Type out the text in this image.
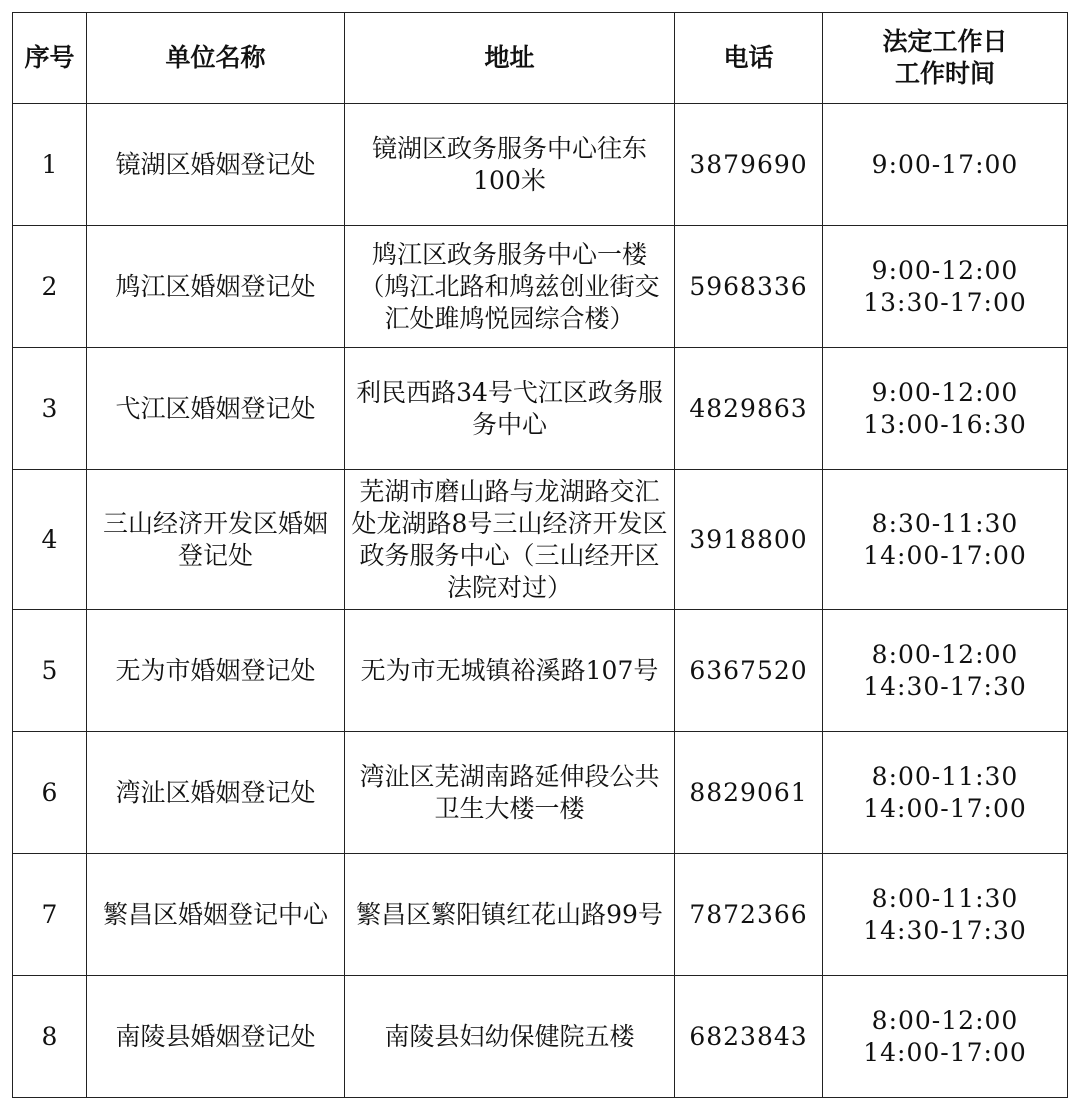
序号	单位名称	地址	电话	法定工作日
工作时间

1	镜湖区婚姻登记处	镜湖区政务服务中心往东100米	3879690	9:00-17:00

2	鸠江区婚姻登记处	鸠江区政务服务中心一楼（鸠江北路和鸠兹创业街交汇处雎鸠悦园综合楼）	5968336	9:00-12:00
13:30-17:00

3	弋江区婚姻登记处	利民西路34号弋江区政务服务中心	4829863	9:00-12:00
13:00-16:30

4	三山经济开发区婚姻登记处	芜湖市磨山路与龙湖路交汇处龙湖路8号三山经济开发区政务服务中心（三山经开区法院对过）	3918800	8:30-11:30
14:00-17:00

5	无为市婚姻登记处	无为市无城镇裕溪路107号	6367520	8:00-12:00
14:30-17:30

6	湾沚区婚姻登记处	湾沚区芜湖南路延伸段公共卫生大楼一楼	8829061	8:00-11:30
14:00-17:00

7	繁昌区婚姻登记中心	繁昌区繁阳镇红花山路99号	7872366	8:00-11:30
14:30-17:30

8	南陵县婚姻登记处	南陵县妇幼保健院五楼	6823843	8:00-12:00
14:00-17:00
